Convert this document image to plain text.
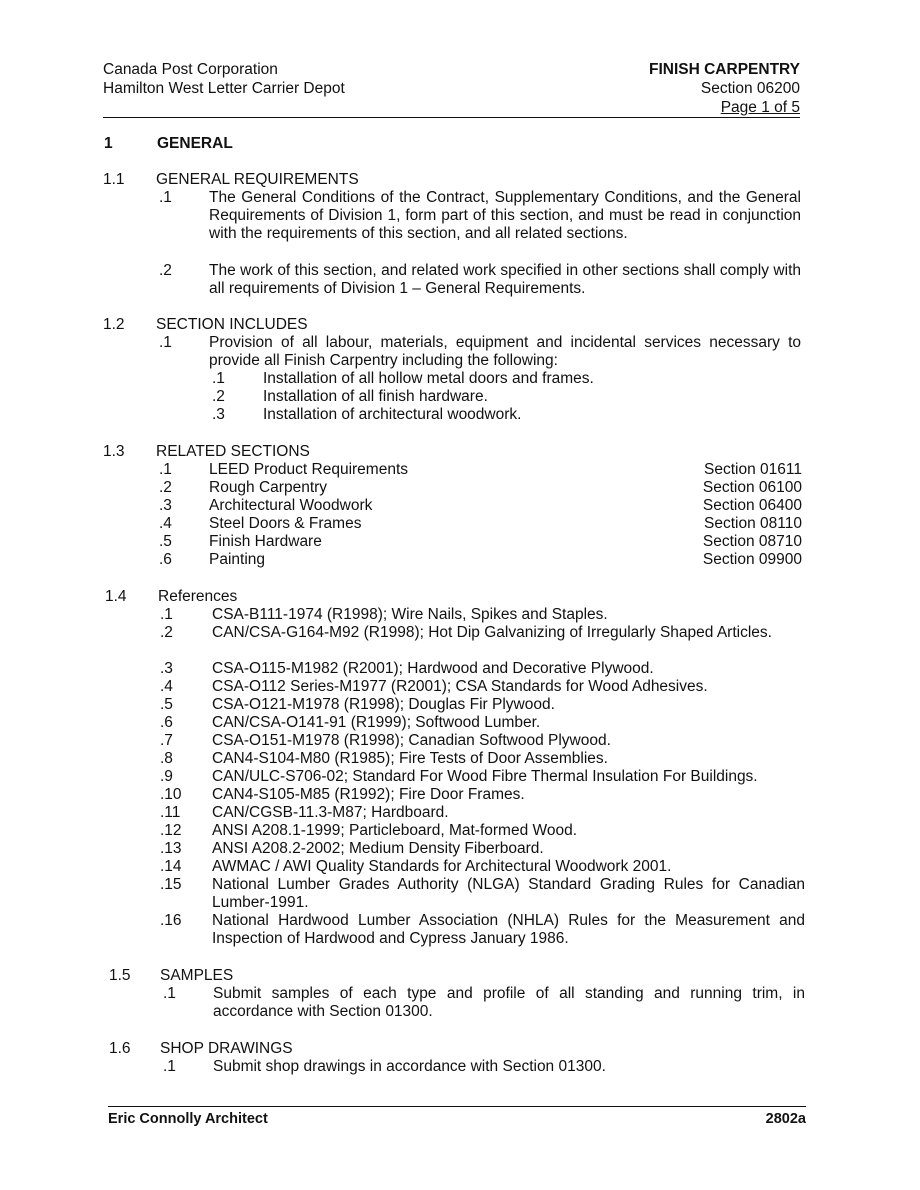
Canada Post Corporation
Hamilton West Letter Carrier Depot
FINISH CARPENTRY
Section 06200
Page 1 of 5
1	GENERAL
1.1 GENERAL REQUIREMENTS
.1 The General Conditions of the Contract, Supplementary Conditions, and the General Requirements of Division 1, form part of this section, and must be read in conjunction with the requirements of this section, and all related sections.
.2 The work of this section, and related work specified in other sections shall comply with all requirements of Division 1 – General Requirements.
1.2 SECTION INCLUDES
.1 Provision of all labour, materials, equipment and incidental services necessary to provide all Finish Carpentry including the following:
.1 Installation of all hollow metal doors and frames.
.2 Installation of all finish hardware.
.3 Installation of architectural woodwork.
1.3 RELATED SECTIONS
.1 LEED Product Requirements	Section 01611
.2 Rough Carpentry	Section 06100
.3 Architectural Woodwork	Section 06400
.4 Steel Doors & Frames	Section 08110
.5 Finish Hardware	Section 08710
.6 Painting	Section 09900
1.4 References
.1	CSA-B111-1974 (R1998); Wire Nails, Spikes and Staples.
.2	CAN/CSA-G164-M92 (R1998); Hot Dip Galvanizing of Irregularly Shaped Articles.
.3	CSA-O115-M1982 (R2001); Hardwood and Decorative Plywood.
.4	CSA-O112 Series-M1977 (R2001); CSA Standards for Wood Adhesives.
.5	CSA-O121-M1978 (R1998); Douglas Fir Plywood.
.6	CAN/CSA-O141-91 (R1999); Softwood Lumber.
.7	CSA-O151-M1978 (R1998); Canadian Softwood Plywood.
.8	CAN4-S104-M80 (R1985); Fire Tests of Door Assemblies.
.9	CAN/ULC-S706-02; Standard For Wood Fibre Thermal Insulation For Buildings.
.10 CAN4-S105-M85 (R1992); Fire Door Frames.
.11 CAN/CGSB-11.3-M87; Hardboard.
.12 ANSI A208.1-1999; Particleboard, Mat-formed Wood.
.13 ANSI A208.2-2002; Medium Density Fiberboard.
.14 AWMAC / AWI Quality Standards for Architectural Woodwork 2001.
.15 National Lumber Grades Authority (NLGA) Standard Grading Rules for Canadian Lumber-1991.
.16 National Hardwood Lumber Association (NHLA) Rules for the Measurement and Inspection of Hardwood and Cypress January 1986.
1.5 SAMPLES
.1 Submit samples of each type and profile of all standing and running trim, in accordance with Section 01300.
1.6 SHOP DRAWINGS
.1 Submit shop drawings in accordance with Section 01300.
Eric Connolly Architect	2802a
